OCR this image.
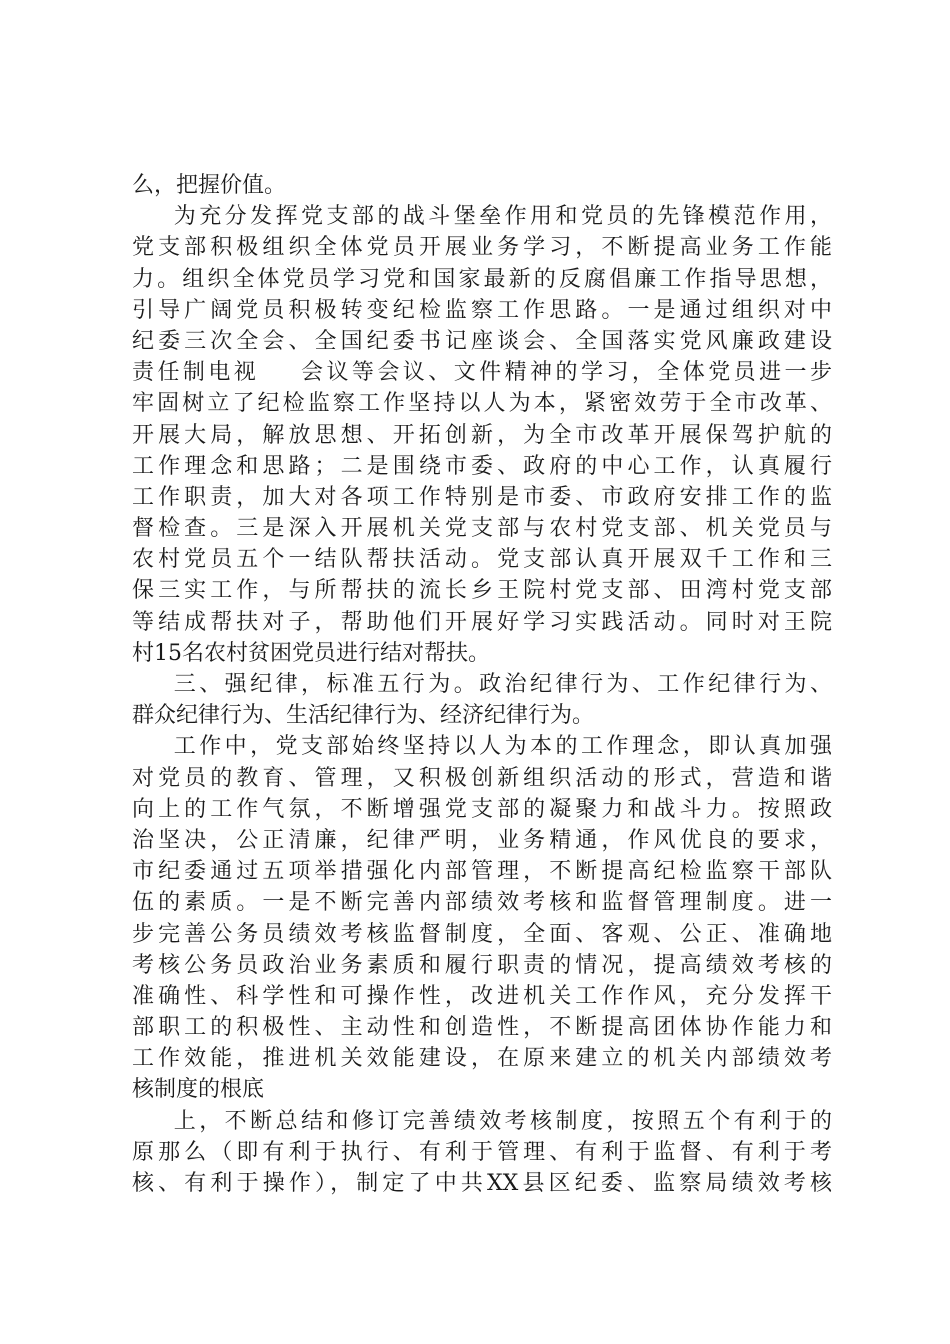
么，把握价值。
为充分发挥党支部的战斗堡垒作用和党员的先锋模范作用，
党支部积极组织全体党员开展业务学习，不断提高业务工作能
力。组织全体党员学习党和国家最新的反腐倡廉工作指导思想，
引导广阔党员积极转变纪检监察工作思路。一是通过组织对中
纪委三次全会、全国纪委书记座谈会、全国落实党风廉政建设
责任制电视    会议等会议、文件精神的学习，全体党员进一步
牢固树立了纪检监察工作坚持以人为本，紧密效劳于全市改革、
开展大局，解放思想、开拓创新，为全市改革开展保驾护航的
工作理念和思路；二是围绕市委、政府的中心工作，认真履行
工作职责，加大对各项工作特别是市委、市政府安排工作的监
督检查。三是深入开展机关党支部与农村党支部、机关党员与
农村党员五个一结队帮扶活动。党支部认真开展双千工作和三
保三实工作，与所帮扶的流长乡王院村党支部、田湾村党支部
等结成帮扶对子，帮助他们开展好学习实践活动。同时对王院
村15名农村贫困党员进行结对帮扶。
三、强纪律，标准五行为。政治纪律行为、工作纪律行为、
群众纪律行为、生活纪律行为、经济纪律行为。
工作中，党支部始终坚持以人为本的工作理念，即认真加强
对党员的教育、管理，又积极创新组织活动的形式，营造和谐
向上的工作气氛，不断增强党支部的凝聚力和战斗力。按照政
治坚决，公正清廉，纪律严明，业务精通，作风优良的要求，
市纪委通过五项举措强化内部管理，不断提高纪检监察干部队
伍的素质。一是不断完善内部绩效考核和监督管理制度。进一
步完善公务员绩效考核监督制度，全面、客观、公正、准确地
考核公务员政治业务素质和履行职责的情况，提高绩效考核的
准确性、科学性和可操作性，改进机关工作作风，充分发挥干
部职工的积极性、主动性和创造性，不断提高团体协作能力和
工作效能，推进机关效能建设，在原来建立的机关内部绩效考
核制度的根底
上，不断总结和修订完善绩效考核制度，按照五个有利于的
原那么（即有利于执行、有利于管理、有利于监督、有利于考
核、有利于操作），制定了中共XX县区纪委、监察局绩效考核
